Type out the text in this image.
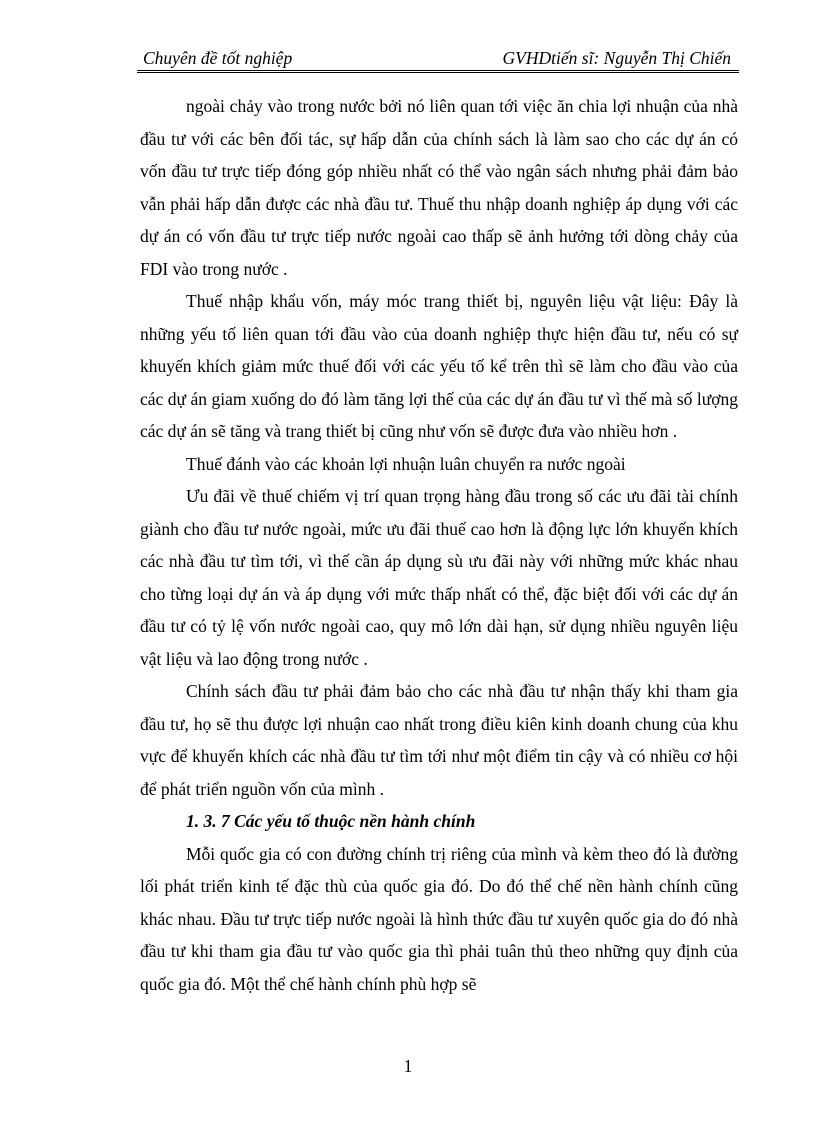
Chuyên đề tốt nghiệp	GVHDtiến sĩ: Nguyễn Thị Chiến

ngoài chảy vào trong nước bởi nó liên quan tới việc ăn chia lợi nhuận của nhà đầu tư với các bên đối tác, sự hấp dẫn của chính sách là làm sao cho các dự án có vốn đầu tư trực tiếp đóng góp nhiều nhất có thể vào ngân sách nhưng phải đảm bảo vẫn phải hấp dẫn được các nhà đầu tư. Thuế thu nhập doanh nghiệp áp dụng với các dự án có vốn đầu tư trực tiếp nước ngoài cao thấp sẽ ảnh hưởng tới dòng chảy của FDI vào trong nước .

Thuế nhập khẩu vốn, máy móc trang thiết bị, nguyên liệu vật liệu: Đây là những yếu tố liên quan tới đầu vào của doanh nghiệp thực hiện đầu tư, nếu có sự khuyến khích giảm mức thuế đối với các yếu tố kể trên thì sẽ làm cho đầu vào của các dự án giam xuống do đó làm tăng lợi thế của các dự án đầu tư vì thế mà số lượng các dự án sẽ tăng và trang thiết bị cũng như vốn sẽ được đưa vào nhiều hơn .

Thuế đánh vào các khoản lợi nhuận luân chuyển ra nước ngoài

Ưu đãi về thuế chiếm vị trí quan trọng hàng đầu trong số các ưu đãi tài chính giành cho đầu tư nước ngoài, mức ưu đãi thuế cao hơn là động lực lớn khuyến khích các nhà đầu tư tìm tới, vì thế cần áp dụng sù ưu đãi này với những mức khác nhau cho từng loại dự án và áp dụng với mức thấp nhất có thể, đặc biệt đối với các dự án đầu tư có tỷ lệ vốn nước ngoài cao, quy mô lớn dài hạn, sử dụng nhiều nguyên liệu vật liệu và lao động trong nước .

Chính sách đầu tư phải đảm bảo cho các nhà đầu tư nhận thấy khi tham gia đầu tư, họ sẽ thu được lợi nhuận cao nhất trong điều kiên kinh doanh chung của khu vực để khuyến khích các nhà đầu tư tìm tới như một điểm tin cậy và có nhiều cơ hội để phát triển nguồn vốn của mình .

1. 3. 7 Các yếu tố thuộc nền hành chính

Mỗi quốc gia có con đường chính trị riêng của mình và kèm theo đó là đường lối phát triển kinh tế đặc thù của quốc gia đó. Do đó thể chế nền hành chính cũng khác nhau. Đầu tư trực tiếp nước ngoài là hình thức đầu tư xuyên quốc gia do đó nhà đầu tư khi tham gia đầu tư vào quốc gia thì phải tuân thủ theo những quy định của quốc gia đó. Một thể chế hành chính phù hợp sẽ

1
